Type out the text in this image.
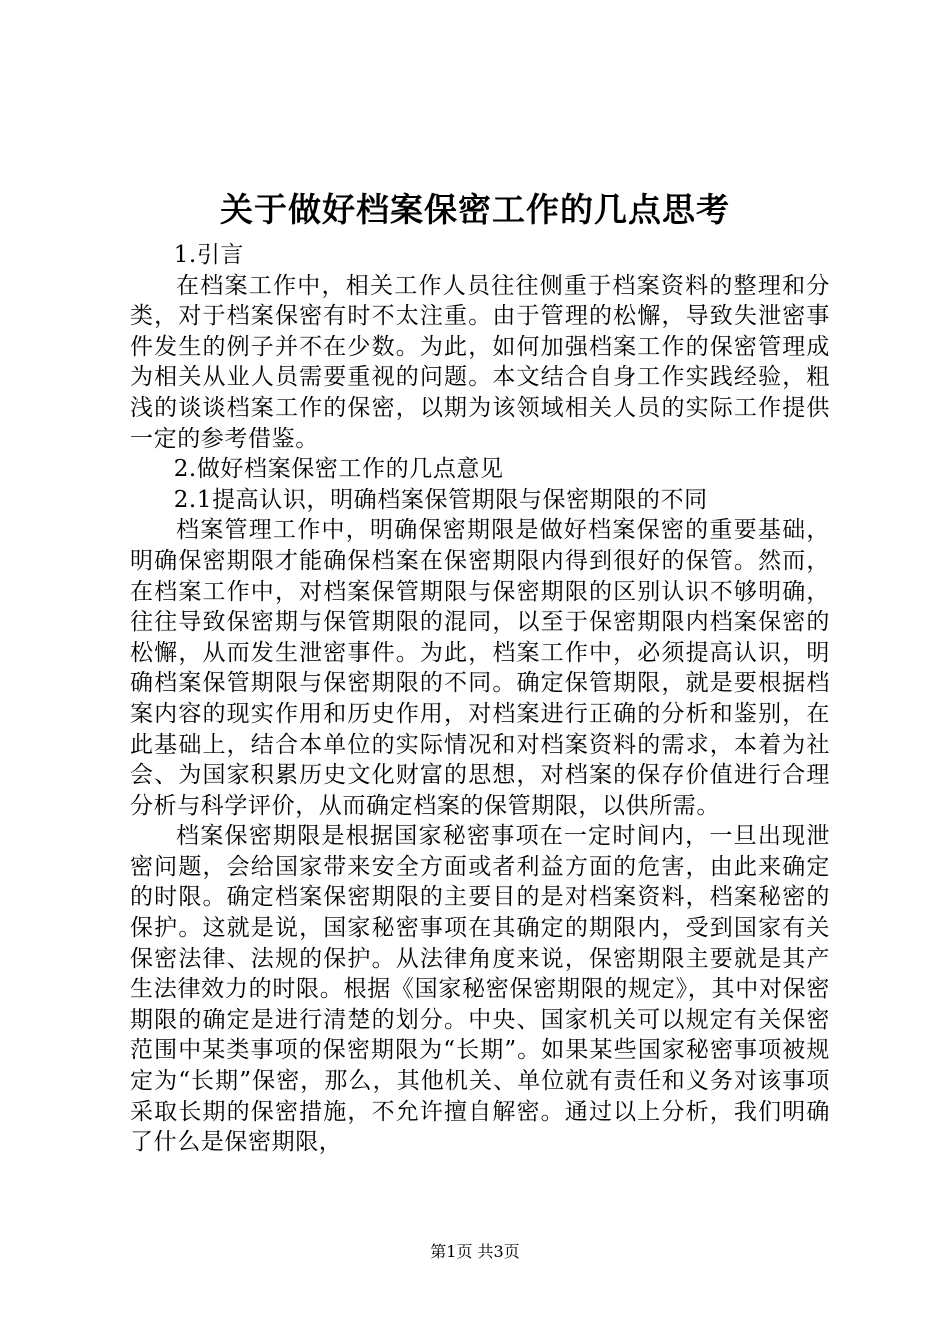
关于做好档案保密工作的几点思考

1.引言

在档案工作中，相关工作人员往往侧重于档案资料的整理和分类，对于档案保密有时不太注重。由于管理的松懈，导致失泄密事件发生的例子并不在少数。为此，如何加强档案工作的保密管理成为相关从业人员需要重视的问题。本文结合自身工作实践经验，粗浅的谈谈档案工作的保密，以期为该领域相关人员的实际工作提供一定的参考借鉴。

2.做好档案保密工作的几点意见

2.1提高认识，明确档案保管期限与保密期限的不同

档案管理工作中，明确保密期限是做好档案保密的重要基础，明确保密期限才能确保档案在保密期限内得到很好的保管。然而，在档案工作中，对档案保管期限与保密期限的区别认识不够明确，往往导致保密期与保管期限的混同，以至于保密期限内档案保密的松懈，从而发生泄密事件。为此，档案工作中，必须提高认识，明确档案保管期限与保密期限的不同。确定保管期限，就是要根据档案内容的现实作用和历史作用，对档案进行正确的分析和鉴别，在此基础上，结合本单位的实际情况和对档案资料的需求，本着为社会、为国家积累历史文化财富的思想，对档案的保存价值进行合理分析与科学评价，从而确定档案的保管期限，以供所需。

档案保密期限是根据国家秘密事项在一定时间内，一旦出现泄密问题，会给国家带来安全方面或者利益方面的危害，由此来确定的时限。确定档案保密期限的主要目的是对档案资料，档案秘密的保护。这就是说，国家秘密事项在其确定的期限内，受到国家有关保密法律、法规的保护。从法律角度来说，保密期限主要就是其产生法律效力的时限。根据《国家秘密保密期限的规定》，其中对保密期限的确定是进行清楚的划分。中央、国家机关可以规定有关保密范围中某类事项的保密期限为“长期”。如果某些国家秘密事项被规定为“长期”保密，那么，其他机关、单位就有责任和义务对该事项采取长期的保密措施，不允许擅自解密。通过以上分析，我们明确了什么是保密期限，

第1页 共3页
